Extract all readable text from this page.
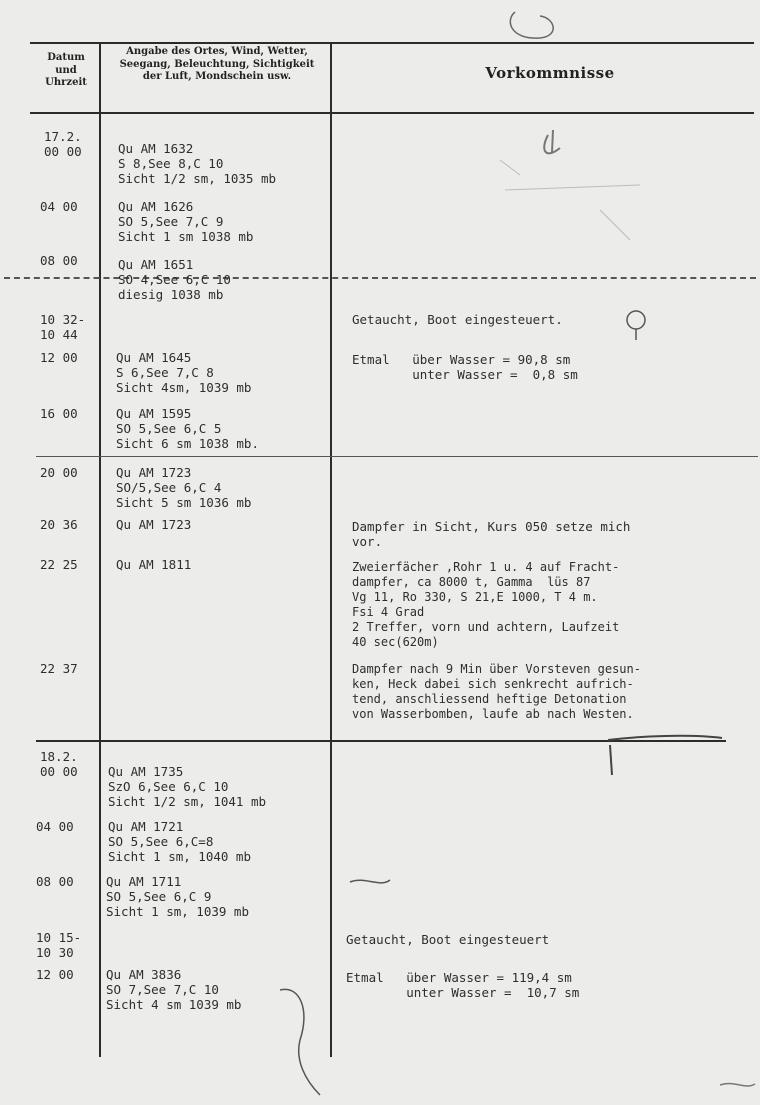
Datum
und
Uhrzeit
Angabe des Ortes, Wind, Wetter,
Seegang, Beleuchtung, Sichtigkeit
der Luft, Mondschein usw.	Vorkommnisse
17.2.
00 00
04 00
08 00
10 32-
10 44
12 00
16 00
20 00
20 36
22 25
22 37
18.2.
00 00
04 00
08 00
10 15-
10 30
12 00
Qu AM 1632
S 8,See 8,C 10
Sicht 1/2 sm, 1035 mb
Qu AM 1626
SO 5,See 7,C 9
Sicht 1 sm 1038 mb
Qu AM 1651
SO 4,See 6,C 10
diesig 1038 mb
Qu AM 1645
S 6,See 7,C 8
Sicht 4sm, 1039 mb
Qu AM 1595
SO 5,See 6,C 5
Sicht 6 sm 1038 mb.
Qu AM 1723
SO/5,See 6,C 4
Sicht 5 sm 1036 mb
Qu AM 1723
Qu AM 1811
Qu AM 1735
SzO 6,See 6,C 10
Sicht 1/2 sm, 1041 mb
Qu AM 1721
SO 5,See 6,C=8
Sicht 1 sm, 1040 mb
Qu AM 1711
SO 5,See 6,C 9
Sicht 1 sm, 1039 mb
Qu AM 3836
SO 7,See 7,C 10
Sicht 4 sm 1039 mb
Getaucht, Boot eingesteuert.
Etmal   über Wasser = 90,8 sm
unter Wasser =  0,8 sm
Dampfer in Sicht, Kurs 050 setze mich
vor.
Zweierfächer ,Rohr 1 u. 4 auf Fracht-
dampfer, ca 8000 t, Gamma  lüs 87
Vg 11, Ro 330, S 21,E 1000, T 4 m.
Fsi 4 Grad
2 Treffer, vorn und achtern, Laufzeit
40 sec(620m)
Dampfer nach 9 Min über Vorsteven gesun-
ken, Heck dabei sich senkrecht aufrich-
tend, anschliessend heftige Detonation
von Wasserbomben, laufe ab nach Westen.
Getaucht, Boot eingesteuert
Etmal   über Wasser = 119,4 sm
unter Wasser =  10,7 sm
